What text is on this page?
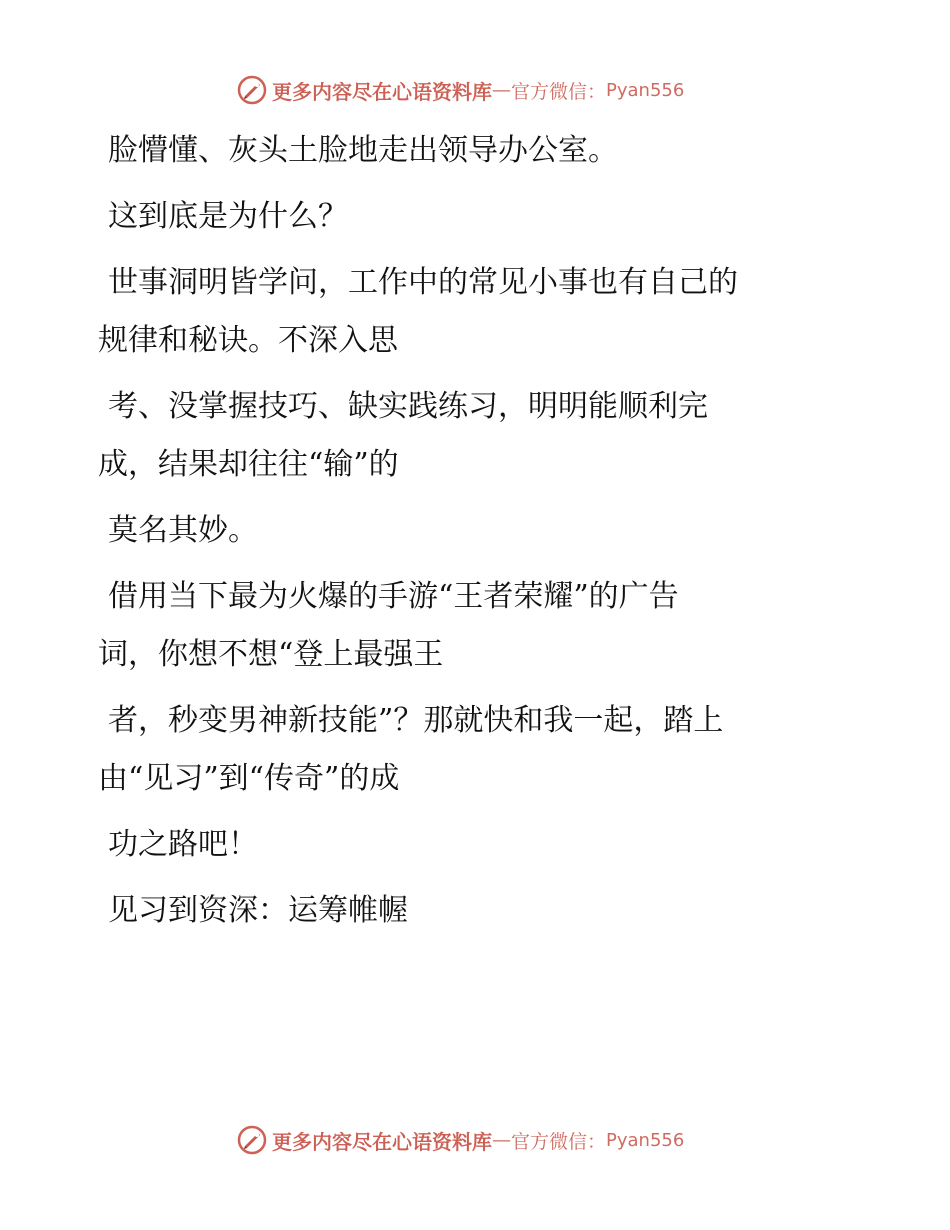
更多内容尽在心语资料库 — 官方微信： Pyan556
脸懵懂、灰头土脸地走出领导办公室。
这到底是为什么？
世事洞明皆学问，工作中的常见小事也有自己的
规律和秘诀。不深入思
考、没掌握技巧、缺实践练习，明明能顺利完
成，结果却往往“输”的
莫名其妙。
借用当下最为火爆的手游“王者荣耀”的广告
词，你想不想“登上最强王
者，秒变男神新技能”？那就快和我一起，踏上
由“见习”到“传奇”的成
功之路吧！
见习到资深：运筹帷幄
更多内容尽在心语资料库 — 官方微信： Pyan556
